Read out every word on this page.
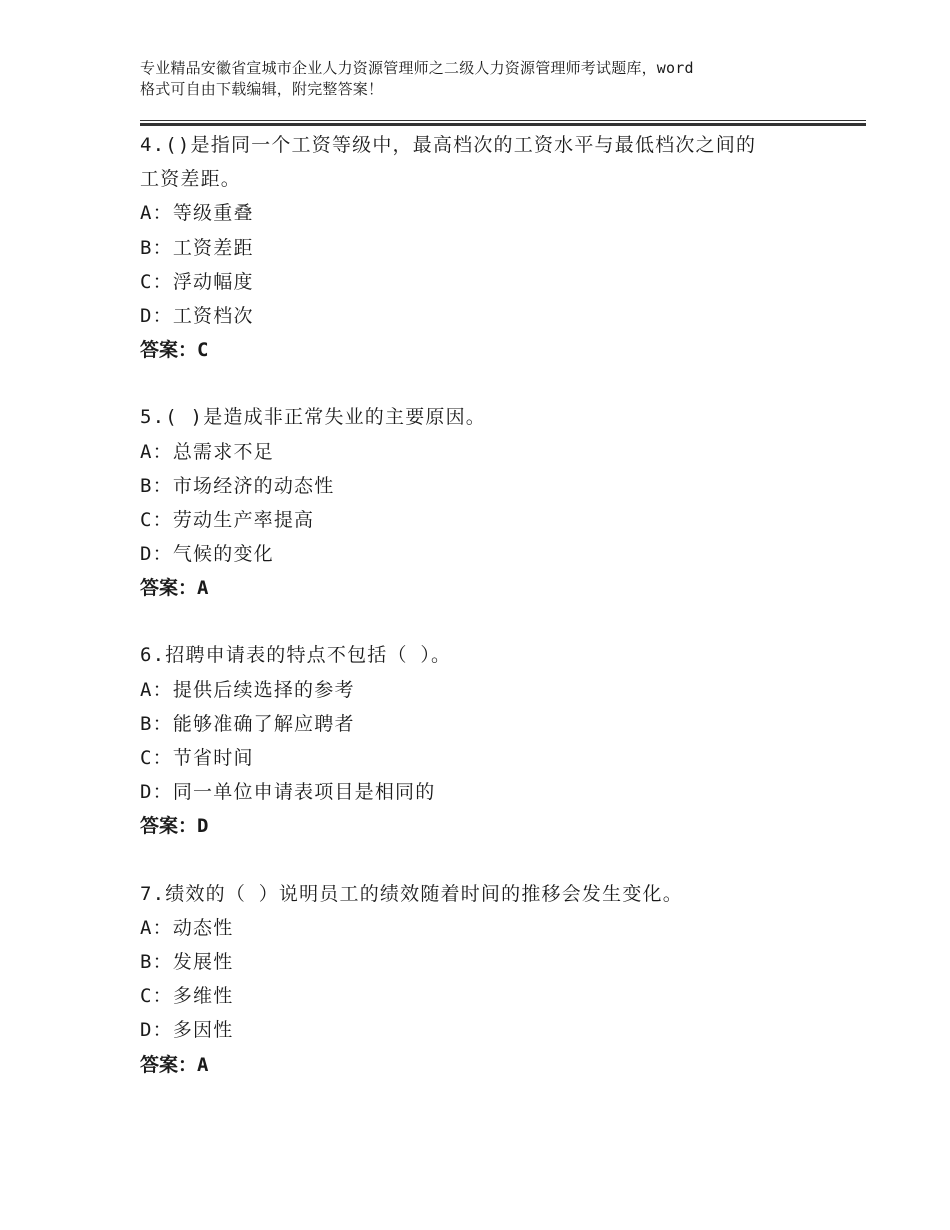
专业精品安徽省宣城市企业人力资源管理师之二级人力资源管理师考试题库，word
格式可自由下载编辑，附完整答案！
4.()是指同一个工资等级中，最高档次的工资水平与最低档次之间的
工资差距。
A：等级重叠
B：工资差距
C：浮动幅度
D：工资档次
答案：C
5.( )是造成非正常失业的主要原因。
A：总需求不足
B：市场经济的动态性
C：劳动生产率提高
D：气候的变化
答案：A
6.招聘申请表的特点不包括（ ）。
A：提供后续选择的参考
B：能够准确了解应聘者
C：节省时间
D：同一单位申请表项目是相同的
答案：D
7.绩效的（ ）说明员工的绩效随着时间的推移会发生变化。
A：动态性
B：发展性
C：多维性
D：多因性
答案：A
